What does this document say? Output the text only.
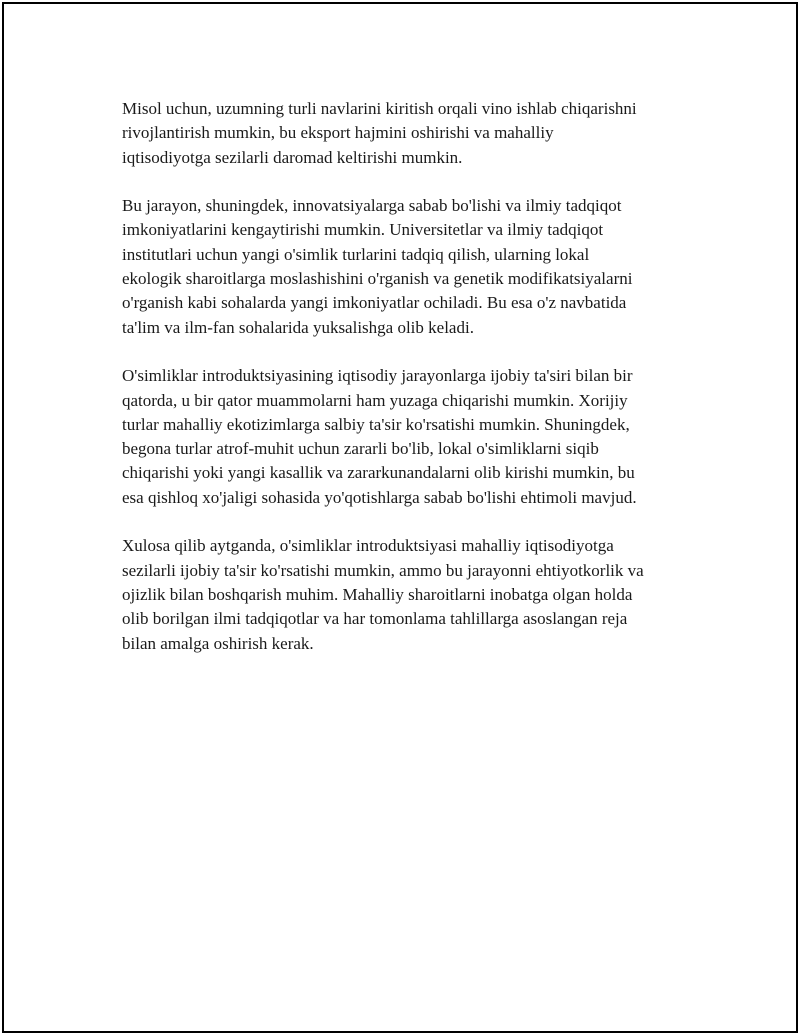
Misol uchun, uzumning turli navlarini kiritish orqali vino ishlab chiqarishni
rivojlantirish mumkin, bu eksport hajmini oshirishi va mahalliy
iqtisodiyotga sezilarli daromad keltirishi mumkin.

Bu jarayon, shuningdek, innovatsiyalarga sabab bo'lishi va ilmiy tadqiqot
imkoniyatlarini kengaytirishi mumkin. Universitetlar va ilmiy tadqiqot
institutlari uchun yangi o'simlik turlarini tadqiq qilish, ularning lokal
ekologik sharoitlarga moslashishini o'rganish va genetik modifikatsiyalarni
o'rganish kabi sohalarda yangi imkoniyatlar ochiladi. Bu esa o'z navbatida
ta'lim va ilm-fan sohalarida yuksalishga olib keladi.

O'simliklar introduktsiyasining iqtisodiy jarayonlarga ijobiy ta'siri bilan bir
qatorda, u bir qator muammolarni ham yuzaga chiqarishi mumkin. Xorijiy
turlar mahalliy ekotizimlarga salbiy ta'sir ko'rsatishi mumkin. Shuningdek,
begona turlar atrof-muhit uchun zararli bo'lib, lokal o'simliklarni siqib
chiqarishi yoki yangi kasallik va zararkunandalarni olib kirishi mumkin, bu
esa qishloq xo'jaligi sohasida yo'qotishlarga sabab bo'lishi ehtimoli mavjud.

Xulosa qilib aytganda, o'simliklar introduktsiyasi mahalliy iqtisodiyotga
sezilarli ijobiy ta'sir ko'rsatishi mumkin, ammo bu jarayonni ehtiyotkorlik va
ojizlik bilan boshqarish muhim. Mahalliy sharoitlarni inobatga olgan holda
olib borilgan ilmi tadqiqotlar va har tomonlama tahlillarga asoslangan reja
bilan amalga oshirish kerak.
